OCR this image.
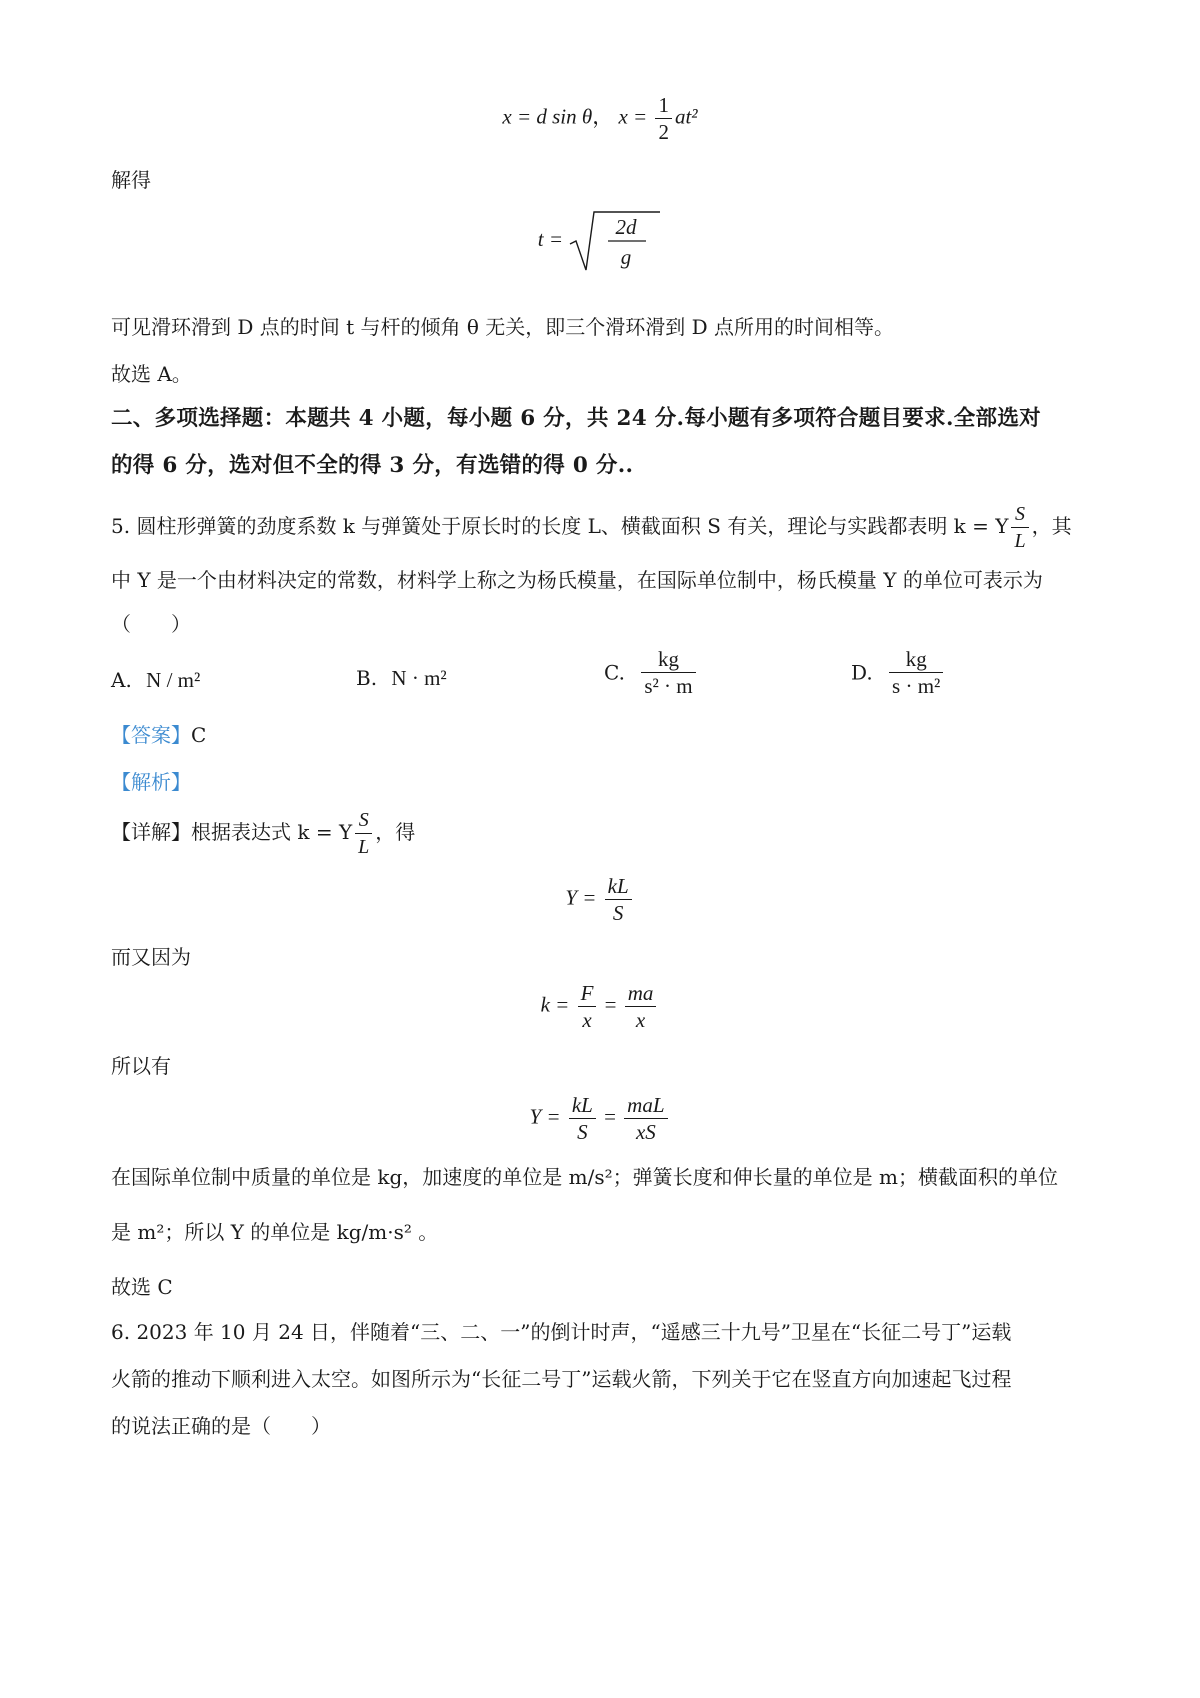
x = d sin θ， $x = \frac{1}{2} at^2$
解得
t =	2d
g
可见滑环滑到 D 点的时间 t 与杆的倾角 θ 无关，即三个滑环滑到 D 点所用的时间相等。
故选 A。
二、多项选择题：本题共 4 小题，每小题 6 分，共 24 分.每小题有多项符合题目要求.全部选对
的得 6 分，选对但不全的得 3 分，有选错的得 0 分..
5. 圆柱形弹簧的劲度系数 k 与弹簧处于原长时的长度 L、横截面积 S 有关，理论与实践都表明 k = Y $\frac{S}{L}$ ，其
中 Y 是一个由材料决定的常数，材料学上称之为杨氏模量，在国际单位制中，杨氏模量 Y 的单位可表示为
（　　）
A. N / m²	B. N · m²	C. $\frac{kg}{\text{s² · m}}$	D. $\frac{kg}{\text{s · m²}}$
【答案】C
【解析】
【详解】根据表达式 k = Y $\frac{S}{L}$ ，得
$Y = \frac{kL}{S}$
而又因为
$k = \frac{F}{x} = \frac{ma}{x}$
所以有
$Y = \frac{kL}{S} = \frac{\text{maL}}{xS}$
在国际单位制中质量的单位是 kg，加速度的单位是 m/s²；弹簧长度和伸长量的单位是 m；横截面积的单位
是 m²；所以 Y 的单位是 kg/m·s² 。
故选 C
6. 2023 年 10 月 24 日，伴随着“三、二、一”的倒计时声，“遥感三十九号”卫星在“长征二号丁”运载
火箭的推动下顺利进入太空。如图所示为“长征二号丁”运载火箭，下列关于它在竖直方向加速起飞过程
的说法正确的是（　　）
